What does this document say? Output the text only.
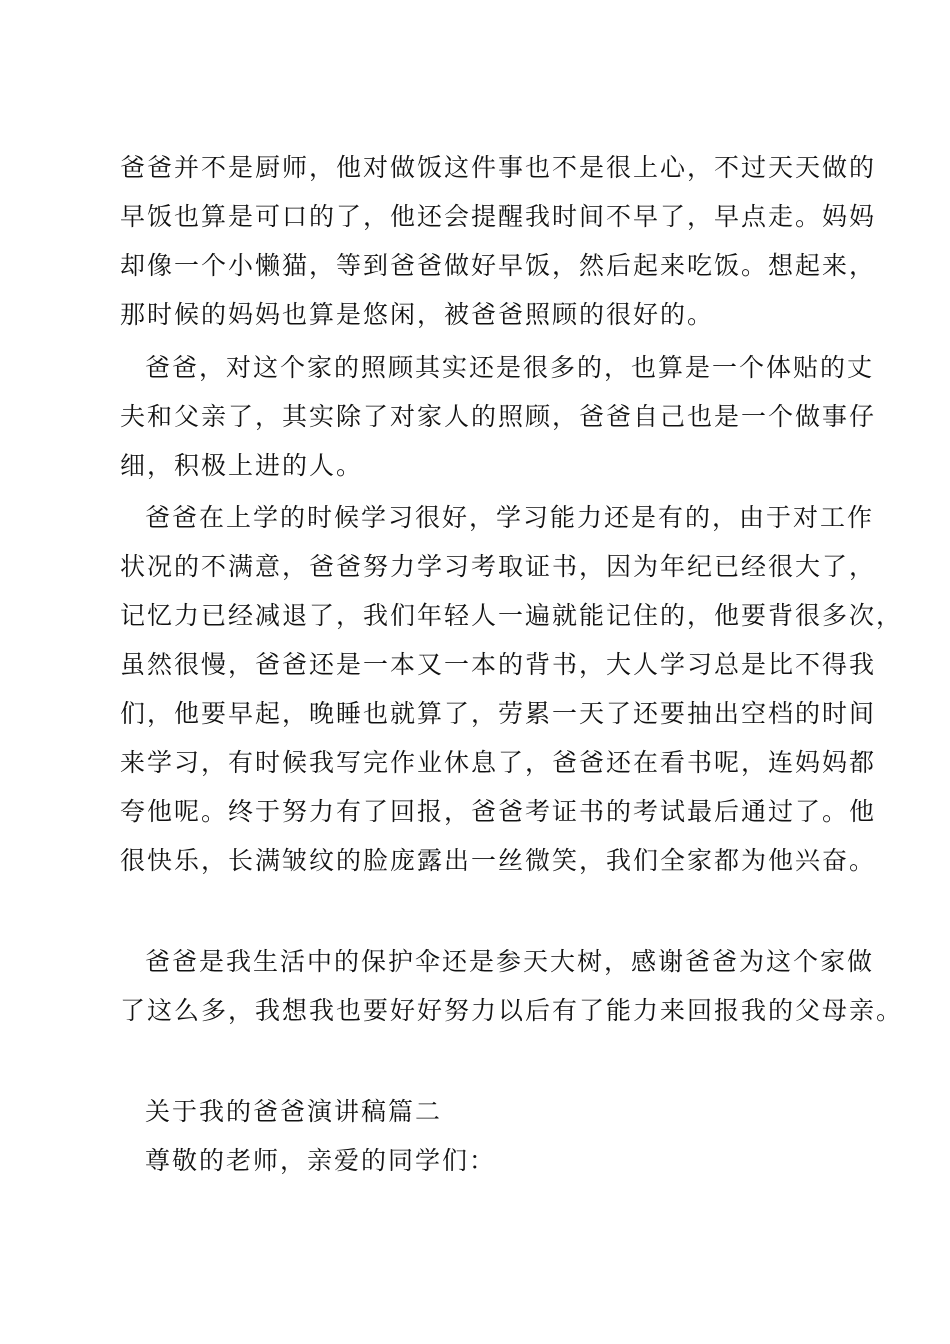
爸爸并不是厨师，他对做饭这件事也不是很上心，不过天天做的
早饭也算是可口的了，他还会提醒我时间不早了，早点走。妈妈
却像一个小懒猫，等到爸爸做好早饭，然后起来吃饭。想起来，
那时候的妈妈也算是悠闲，被爸爸照顾的很好的。
爸爸，对这个家的照顾其实还是很多的，也算是一个体贴的丈
夫和父亲了，其实除了对家人的照顾，爸爸自己也是一个做事仔
细，积极上进的人。
爸爸在上学的时候学习很好，学习能力还是有的，由于对工作
状况的不满意，爸爸努力学习考取证书，因为年纪已经很大了，
记忆力已经减退了，我们年轻人一遍就能记住的，他要背很多次，
虽然很慢，爸爸还是一本又一本的背书，大人学习总是比不得我
们，他要早起，晚睡也就算了，劳累一天了还要抽出空档的时间
来学习，有时候我写完作业休息了，爸爸还在看书呢，连妈妈都
夸他呢。终于努力有了回报，爸爸考证书的考试最后通过了。他
很快乐，长满皱纹的脸庞露出一丝微笑，我们全家都为他兴奋。
爸爸是我生活中的保护伞还是参天大树，感谢爸爸为这个家做
了这么多，我想我也要好好努力以后有了能力来回报我的父母亲。
关于我的爸爸演讲稿篇二
尊敬的老师，亲爱的同学们：
